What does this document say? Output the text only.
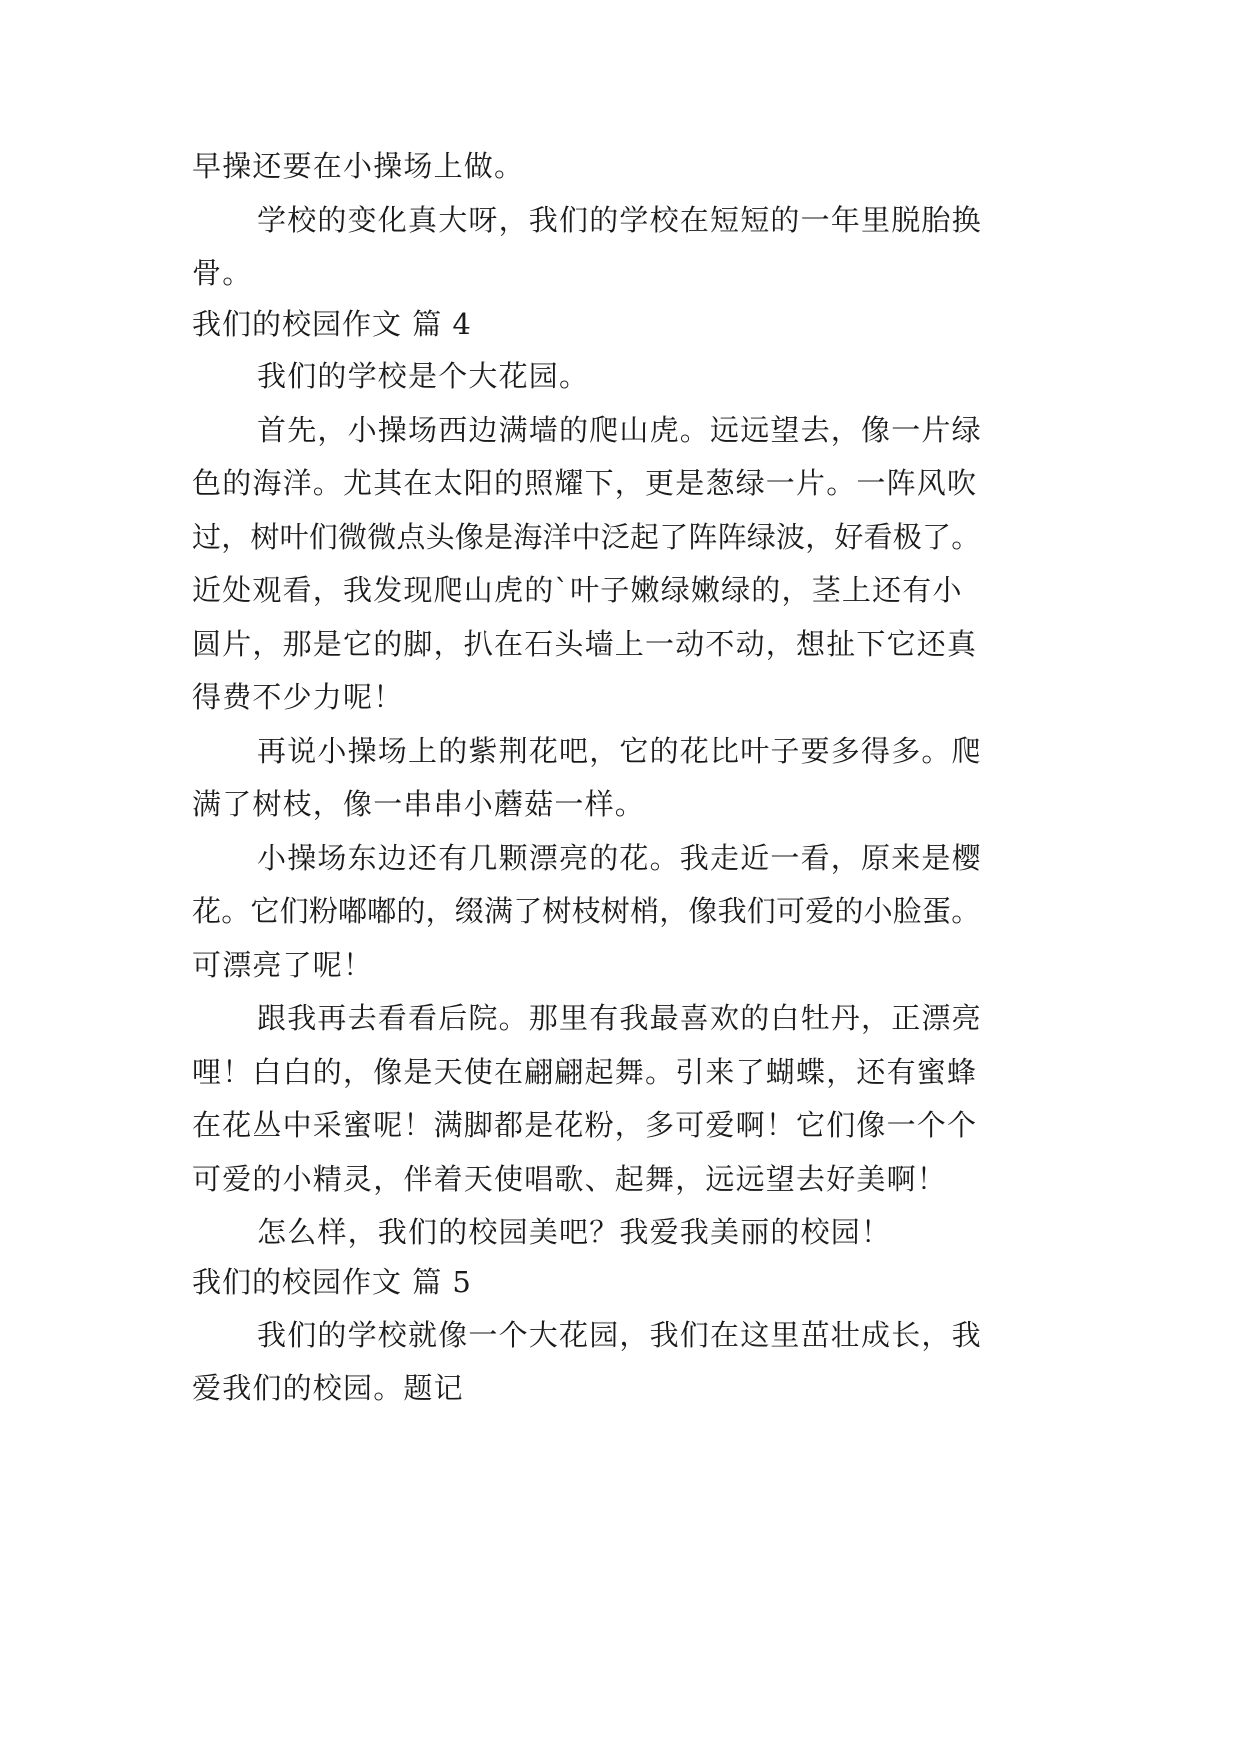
早操还要在小操场上做。
学校的变化真大呀，我们的学校在短短的一年里脱胎换
骨。
我们的校园作文 篇 4
我们的学校是个大花园。
首先，小操场西边满墙的爬山虎。远远望去，像一片绿
色的海洋。尤其在太阳的照耀下，更是葱绿一片。一阵风吹
过，树叶们微微点头像是海洋中泛起了阵阵绿波，好看极了。
近处观看，我发现爬山虎的`叶子嫩绿嫩绿的，茎上还有小
圆片，那是它的脚，扒在石头墙上一动不动，想扯下它还真
得费不少力呢！
再说小操场上的紫荆花吧，它的花比叶子要多得多。爬
满了树枝，像一串串小蘑菇一样。
小操场东边还有几颗漂亮的花。我走近一看，原来是樱
花。它们粉嘟嘟的，缀满了树枝树梢，像我们可爱的小脸蛋。
可漂亮了呢！
跟我再去看看后院。那里有我最喜欢的白牡丹，正漂亮
哩！白白的，像是天使在翩翩起舞。引来了蝴蝶，还有蜜蜂
在花丛中采蜜呢！满脚都是花粉，多可爱啊！它们像一个个
可爱的小精灵，伴着天使唱歌、起舞，远远望去好美啊！
怎么样，我们的校园美吧？我爱我美丽的校园！
我们的校园作文 篇 5
我们的学校就像一个大花园，我们在这里茁壮成长，我
爱我们的校园。题记
